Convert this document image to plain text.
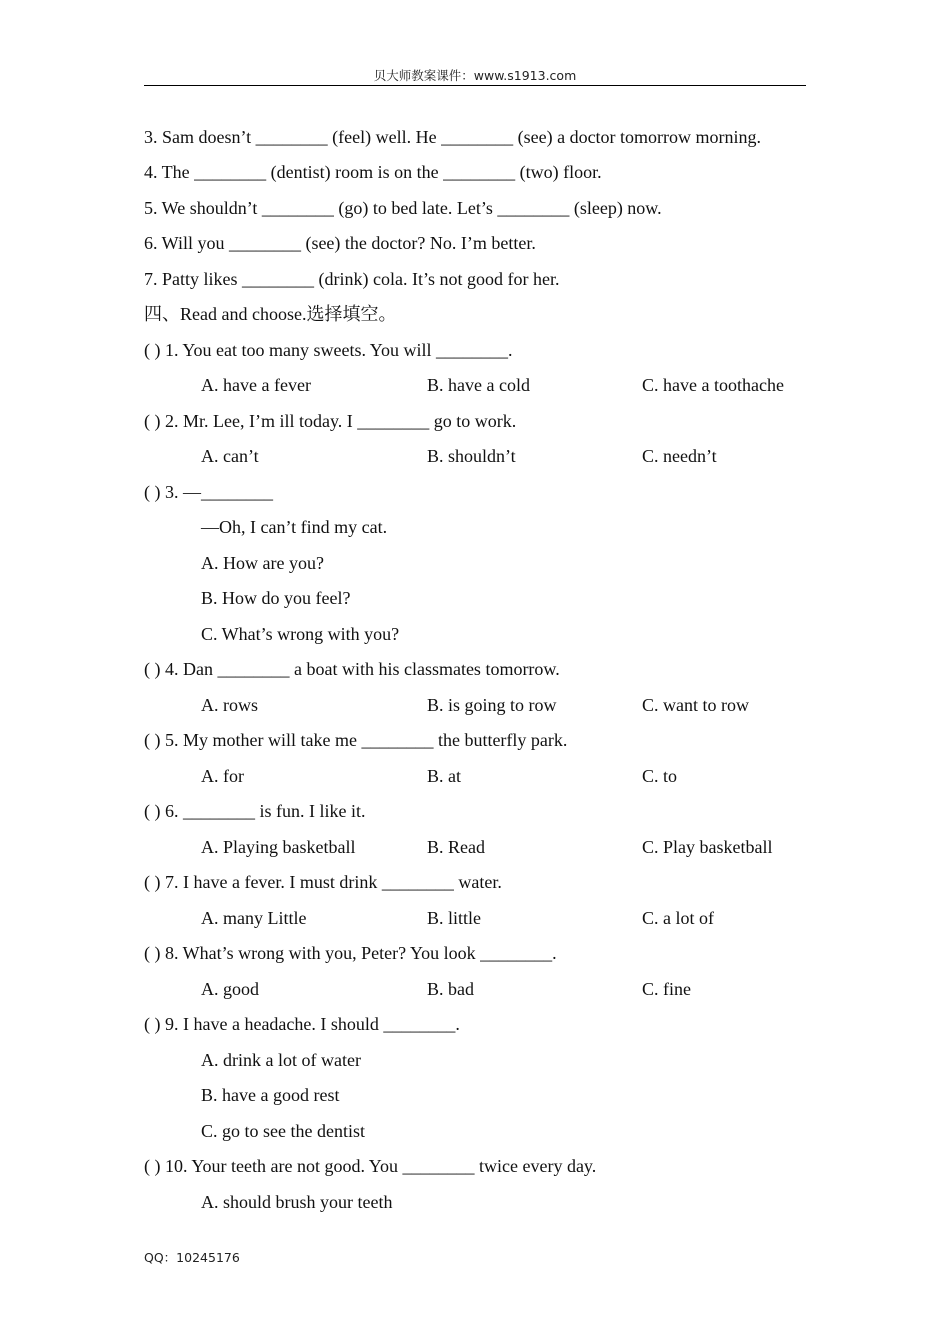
贝大师教案课件：www.s1913.com
3. Sam doesn’t ________ (feel) well. He ________ (see) a doctor tomorrow morning.
4. The ________ (dentist) room is on the ________ (two) floor.
5. We shouldn’t ________ (go) to bed late. Let’s ________ (sleep) now.
6. Will you ________ (see) the doctor? No. I’m better.
7. Patty likes ________ (drink) cola. It’s not good for her.
四、Read and choose.选择填空。
( ) 1. You eat too many sweets. You will ________.
A. have a fever	B. have a cold	C. have a toothache
( ) 2. Mr. Lee, I’m ill today. I ________ go to work.
A. can’t	B. shouldn’t	C. needn’t
( ) 3. —________
—Oh, I can’t find my cat.
A. How are you?
B. How do you feel?
C. What’s wrong with you?
( ) 4. Dan ________ a boat with his classmates tomorrow.
A. rows	B. is going to row	C. want to row
( ) 5. My mother will take me ________ the butterfly park.
A. for	B. at	C. to
( ) 6. ________ is fun. I like it.
A. Playing basketball	B. Read	C. Play basketball
( ) 7. I have a fever. I must drink ________ water.
A. many Little	B. little	C. a lot of
( ) 8. What’s wrong with you, Peter? You look ________.
A. good	B. bad	C. fine
( ) 9. I have a headache. I should ________.
A. drink a lot of water
B. have a good rest
C. go to see the dentist
( ) 10. Your teeth are not good. You ________ twice every day.
A. should brush your teeth
QQ：10245176
